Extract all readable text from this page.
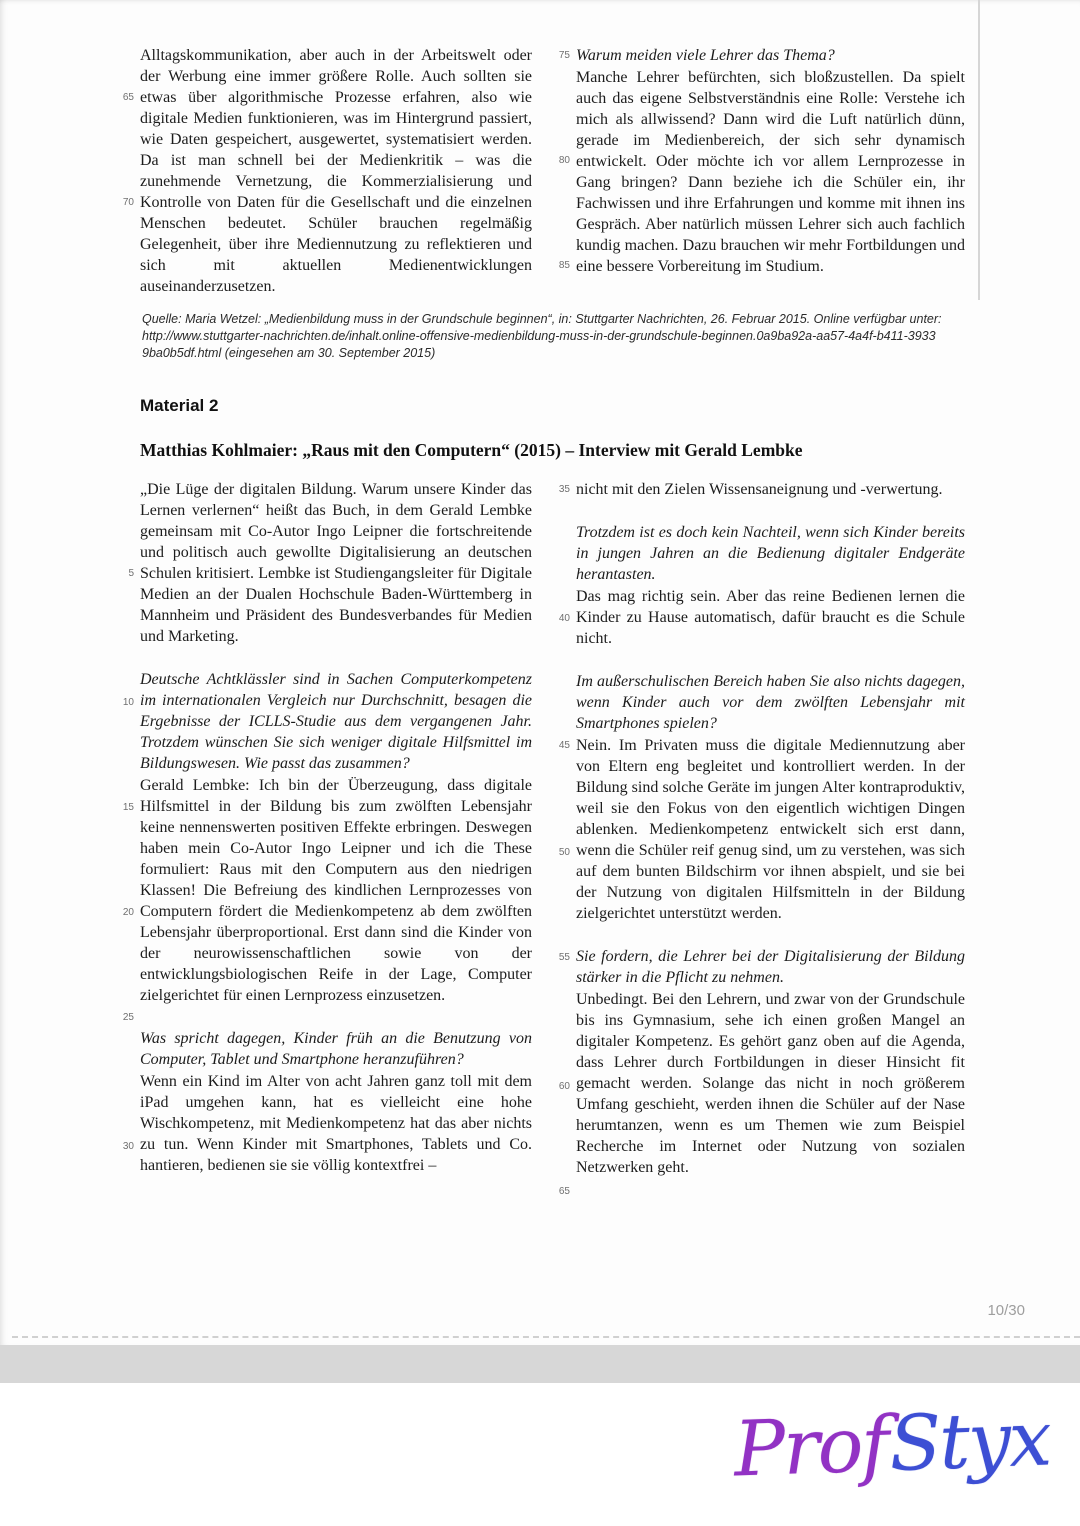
65
70

Alltagskommunikation, aber auch in der Arbeitswelt oder der Werbung eine immer größere Rolle. Auch sollten sie etwas über algorithmische Prozesse erfahren, also wie digitale Medien funktionieren, was im Hintergrund passiert, wie Daten gespeichert, ausgewertet, systematisiert werden. Da ist man schnell bei der Medienkritik – was die zunehmende Vernetzung, die Kommerzialisierung und Kontrolle von Daten für die Gesellschaft und die einzelnen Menschen bedeutet. Schüler brauchen regelmäßig Gelegenheit, über ihre Mediennutzung zu reflektieren und sich mit aktuellen Medienentwicklungen auseinanderzusetzen.

75
80
85

Warum meiden viele Lehrer das Thema?

Manche Lehrer befürchten, sich bloßzustellen. Da spielt auch das eigene Selbstverständnis eine Rolle: Verstehe ich mich als allwissend? Dann wird die Luft natürlich dünn, gerade im Medienbereich, der sich sehr dynamisch entwickelt. Oder möchte ich vor allem Lernprozesse in Gang bringen? Dann beziehe ich die Schüler ein, ihr Fachwissen und ihre Erfahrungen und komme mit ihnen ins Gespräch. Aber natürlich müssen Lehrer sich auch fachlich kundig machen. Dazu brauchen wir mehr Fortbildungen und eine bessere Vorbereitung im Studium.

Quelle: Maria Wetzel: „Medienbildung muss in der Grundschule beginnen“, in: Stuttgarter Nachrichten, 26. Februar 2015. Online verfügbar unter: http://www.stuttgarter-nachrichten.de/inhalt.online-offensive-medienbildung-muss-in-der-grundschule-beginnen.0a9ba92a-aa57-4a4f-b411-39339ba0b5df.html (eingesehen am 30. September 2015)

Material 2
Matthias Kohlmaier: „Raus mit den Computern“ (2015) – Interview mit Gerald Lembke
5
10
15
20
25
30

„Die Lüge der digitalen Bildung. Warum unsere Kinder das Lernen verlernen“ heißt das Buch, in dem Gerald Lembke gemeinsam mit Co-Autor Ingo Leipner die fortschreitende und politisch auch gewollte Digitalisierung an deutschen Schulen kritisiert. Lembke ist Studiengangsleiter für Digitale Medien an der Dualen Hochschule Baden-Württemberg in Mannheim und Präsident des Bundesverbandes für Medien und Marketing.

Deutsche Achtklässler sind in Sachen Computerkompetenz im internationalen Vergleich nur Durchschnitt, besagen die Ergebnisse der ICLLS-Studie aus dem vergangenen Jahr. Trotzdem wünschen Sie sich weniger digitale Hilfsmittel im Bildungswesen. Wie passt das zusammen?

Gerald Lembke: Ich bin der Überzeugung, dass digitale Hilfsmittel in der Bildung bis zum zwölften Lebensjahr keine nennenswerten positiven Effekte erbringen. Deswegen haben mein Co-Autor Ingo Leipner und ich die These formuliert: Raus mit den Computern aus den niedrigen Klassen! Die Befreiung des kindlichen Lernprozesses von Computern fördert die Medienkompetenz ab dem zwölften Lebensjahr überproportional. Erst dann sind die Kinder von der neurowissenschaftlichen sowie von der entwicklungsbiologischen Reife in der Lage, Computer zielgerichtet für einen Lernprozess einzusetzen.

Was spricht dagegen, Kinder früh an die Benutzung von Computer, Tablet und Smartphone heranzuführen?

Wenn ein Kind im Alter von acht Jahren ganz toll mit dem iPad umgehen kann, hat es vielleicht eine hohe Wischkompetenz, mit Medienkompetenz hat das aber nichts zu tun. Wenn Kinder mit Smartphones, Tablets und Co. hantieren, bedienen sie sie völlig kontextfrei –

35
40
45
50
55
60
65

nicht mit den Zielen Wissensaneignung und -verwertung.

Trotzdem ist es doch kein Nachteil, wenn sich Kinder bereits in jungen Jahren an die Bedienung digitaler Endgeräte herantasten.

Das mag richtig sein. Aber das reine Bedienen lernen die Kinder zu Hause automatisch, dafür braucht es die Schule nicht.

Im außerschulischen Bereich haben Sie also nichts dagegen, wenn Kinder auch vor dem zwölften Lebensjahr mit Smartphones spielen?

Nein. Im Privaten muss die digitale Mediennutzung aber von Eltern eng begleitet und kontrolliert werden. In der Bildung sind solche Geräte im jungen Alter kontraproduktiv, weil sie den Fokus von den eigentlich wichtigen Dingen ablenken. Medienkompetenz entwickelt sich erst dann, wenn die Schüler reif genug sind, um zu verstehen, was sich auf dem bunten Bildschirm vor ihnen abspielt, und sie bei der Nutzung von digitalen Hilfsmitteln in der Bildung zielgerichtet unterstützt werden.

Sie fordern, die Lehrer bei der Digitalisierung der Bildung stärker in die Pflicht zu nehmen.

Unbedingt. Bei den Lehrern, und zwar von der Grundschule bis ins Gymnasium, sehe ich einen großen Mangel an digitaler Kompetenz. Es gehört ganz oben auf die Agenda, dass Lehrer durch Fortbildungen in dieser Hinsicht fit gemacht werden. Solange das nicht in noch größerem Umfang geschieht, werden ihnen die Schüler auf der Nase herumtanzen, wenn es um Themen wie zum Beispiel Recherche im Internet oder Nutzung von sozialen Netzwerken geht.

10/30
ProfStyx
